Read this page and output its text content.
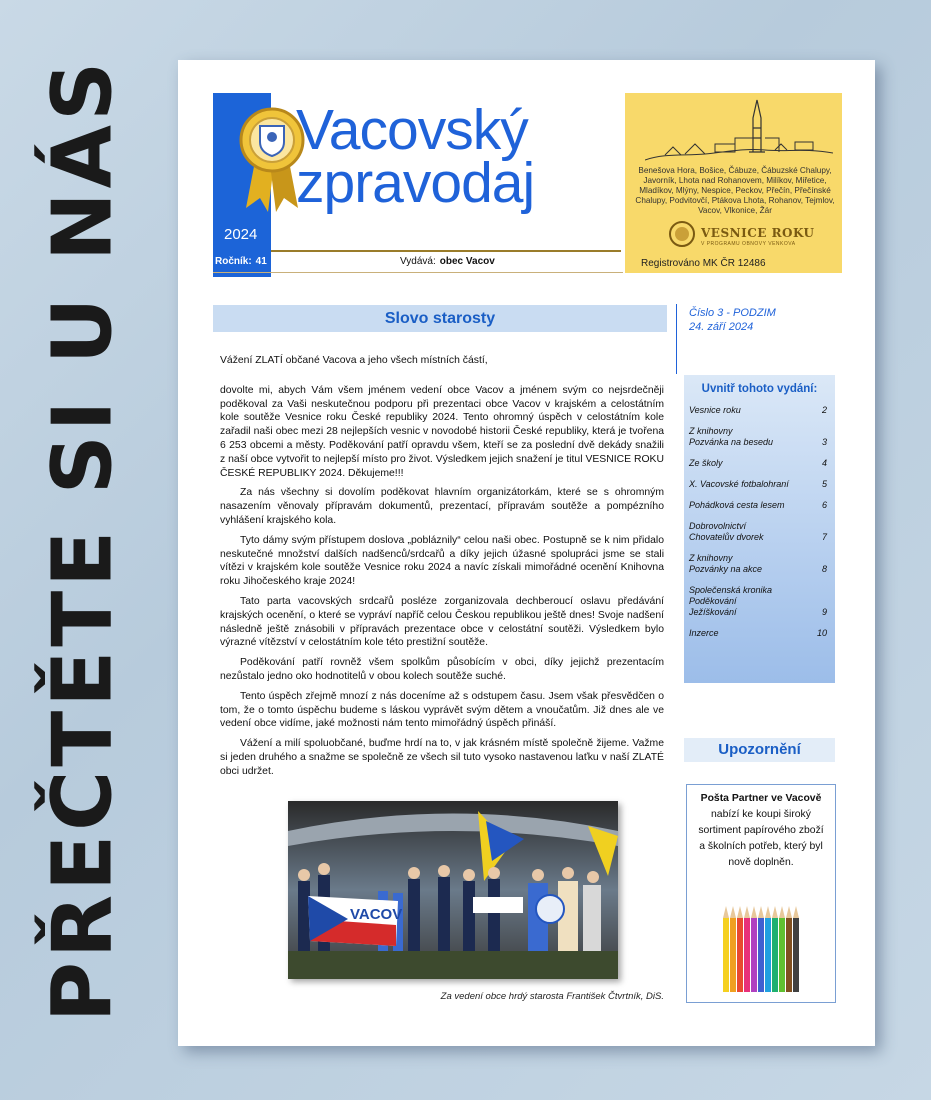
PŘEČTĚTE SI U NÁS	2024
Ročník: 41
Vacovský
zpravodaj
Vydává: obec Vacov
Benešova Hora, Bošice, Čábuze, Čábuzské Chalupy, Javorník, Lhota nad Rohanovem, Milíkov, Miřetice, Mladíkov, Mlýny, Nespice, Peckov, Přečín, Přečínské Chalupy, Podvitovčí, Ptákova Lhota, Rohanov, Tejmlov, Vacov, Vlkonice, Žár
VESNICE ROKU
V PROGRAMU OBNOVY VENKOVA
Registrováno MK ČR 12486
Slovo starosty

Vážení ZLATÍ občané Vacova a jeho všech místních částí,

dovolte mi, abych Vám všem jménem vedení obce Vacov a jménem svým co nejsrdečněji poděkoval za Vaši neskutečnou podporu při prezentaci obce Vacov v krajském a celostátním kole soutěže Vesnice roku České republiky 2024. Tento ohromný úspěch v celostátním kole zařadil naši obec mezi 28 nejlepších vesnic v novodobé historii České republiky, která je tvořena 6 253 obcemi a městy. Poděkování patří opravdu všem, kteří se za poslední dvě dekády snažili z naší obce vytvořit to nejlepší místo pro život. Výsledkem jejich snažení je titul VESNICE ROKU ČESKÉ REPUBLIKY 2024. Děkujeme!!!

Za nás všechny si dovolím poděkovat hlavním organizátorkám, které se s ohromným nasazením věnovaly přípravám dokumentů, prezentací, přípravám soutěže a pompézního vyhlášení krajského kola.

Tyto dámy svým přístupem doslova „pobláznily“ celou naši obec. Postupně se k nim přidalo neskutečné množství dalších nadšenců/srdcařů a díky jejich úžasné spolupráci jsme se stali vítězi v krajském kole soutěže Vesnice roku 2024 a navíc získali mimořádné ocenění Knihovna roku Jihočeského kraje 2024!

Tato parta vacovských srdcařů posléze zorganizovala dechberoucí oslavu předávání krajských ocenění, o které se vypráví napříč celou Českou republikou ještě dnes! Svoje nadšení následně ještě znásobili v přípravách prezentace obce v celostátní soutěži. Výsledkem bylo výrazné vítězství v celostátním kole této prestižní soutěže.

Poděkování patří rovněž všem spolkům působícím v obci, díky jejichž prezentacím nezůstalo jedno oko hodnotitelů v obou kolech soutěže suché.

Tento úspěch zřejmě mnozí z nás doceníme až s odstupem času. Jsem však přesvědčen o tom, že o tomto úspěchu budeme s láskou vyprávět svým dětem a vnoučatům. Již dnes ale ve vedení obce vidíme, jaké možnosti nám tento mimořádný úspěch přináší.

Vážení a milí spoluobčané, buďme hrdí na to, v jak krásném místě společně žijeme. Važme si jeden druhého a snažme se společně ze všech sil tuto vysoko nastavenou laťku v naší ZLATÉ obci udržet.

VACOV
Za vedení obce hrdý starosta František Čtvrtník, DiS.
Číslo 3 - PODZIM
24. září 2024
Uvnitř tohoto vydání:
Vesnice roku	2
Z knihovny
Pozvánka na besedu	3
Ze školy	4
X. Vacovské fotbalohraní	5
Pohádková cesta lesem	6
Dobrovolnictví
Chovatelův dvorek	7
Z knihovny
Pozvánky na akce	8
Společenská kronika
Poděkování
Ježíškování	9
Inzerce	10
Upozornění
Pošta Partner ve Vacově
nabízí ke koupi široký sortiment papírového zboží a školních potřeb, který byl nově doplněn.
